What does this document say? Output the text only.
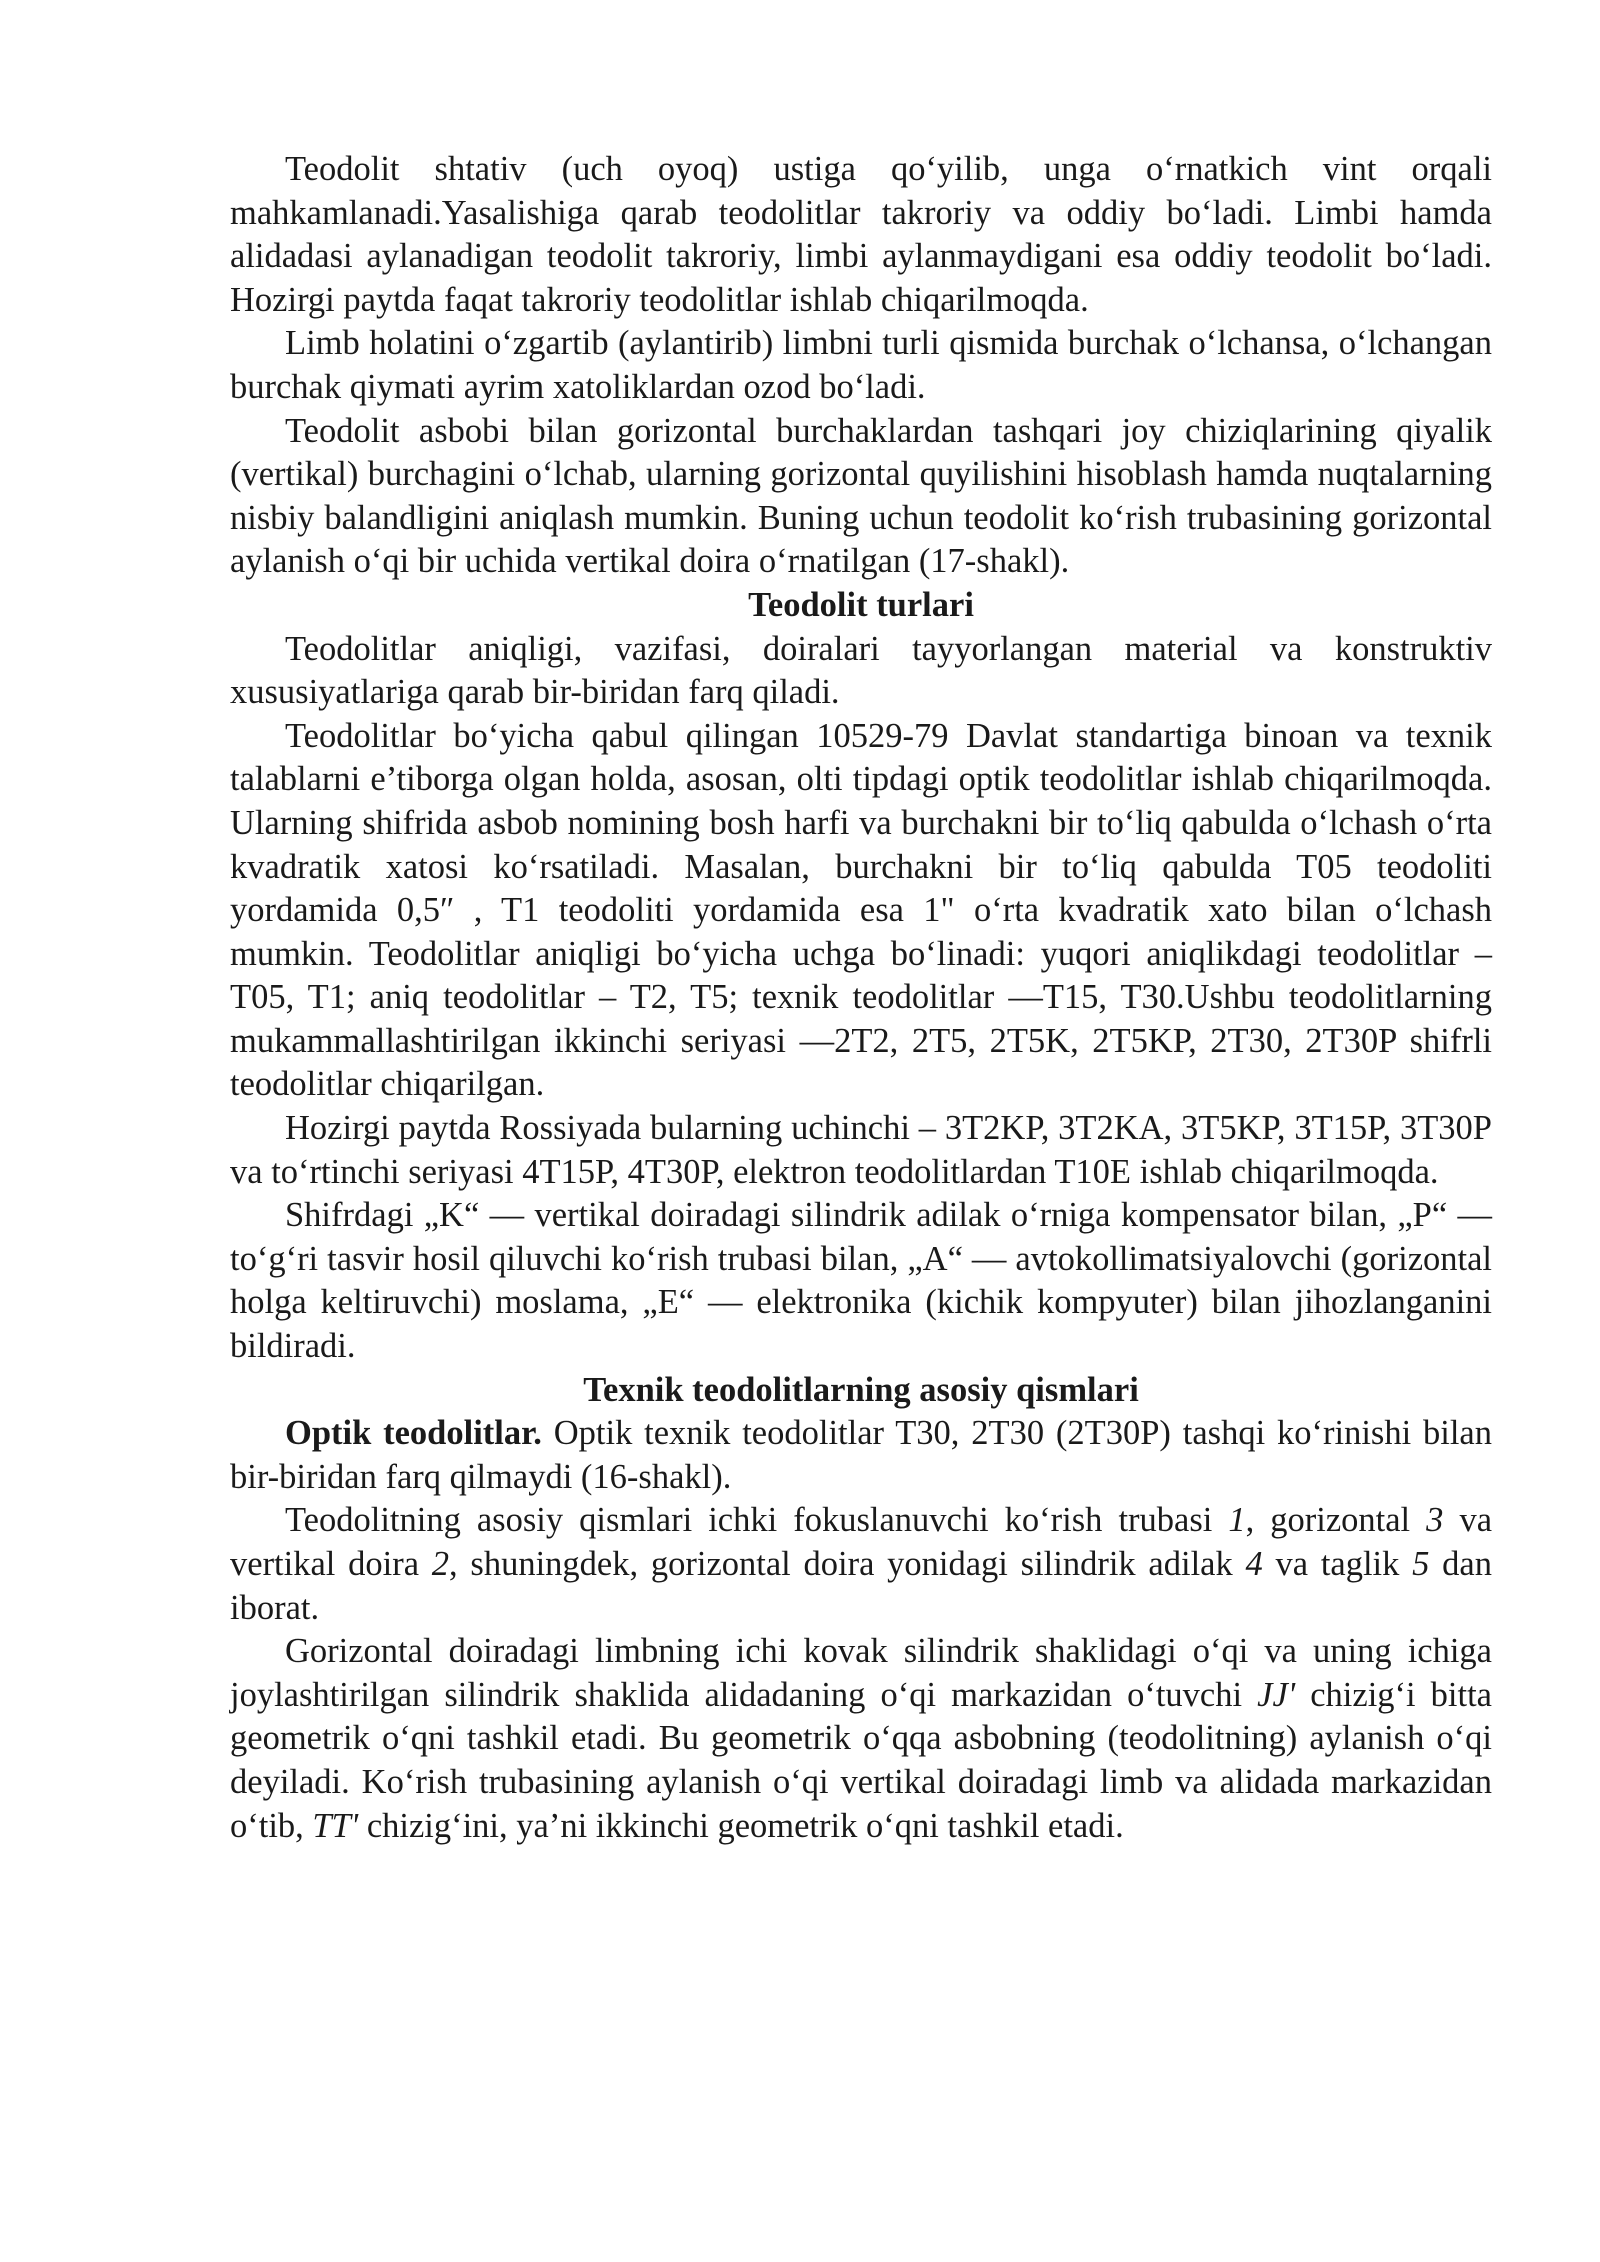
Teodolit shtativ (uch oyoq) ustiga qo‘yilib, unga o‘rnatkich vint orqali mahkamlanadi.Yasalishiga qarab teodolitlar takroriy va oddiy bo‘ladi. Limbi hamda alidadasi aylanadigan teodolit takroriy, limbi aylanmaydigani esa oddiy teodolit bo‘ladi. Hozirgi paytda faqat takroriy teodolitlar ishlab chiqarilmoqda.

Limb holatini o‘zgartib (aylantirib) limbni turli qismida burchak o‘lchansa, o‘lchangan burchak qiymati ayrim xatoliklardan ozod bo‘ladi.

Teodolit asbobi bilan gorizontal burchaklardan tashqari joy chiziqlarining qiyalik (vertikal) burchagini o‘lchab, ularning gorizontal quyilishini hisoblash hamda nuqtalarning nisbiy balandligini aniqlash mumkin. Buning uchun teodolit ko‘rish trubasining gorizontal aylanish o‘qi bir uchida vertikal doira o‘rnatilgan (17-shakl).

Teodolit turlari

Teodolitlar aniqligi, vazifasi, doiralari tayyorlangan material va konstruktiv xususiyatlariga qarab bir-biridan farq qiladi.

Teodolitlar bo‘yicha qabul qilingan 10529-79 Davlat standartiga binoan va texnik talablarni e’tiborga olgan holda, asosan, olti tipdagi optik teodolitlar ishlab chiqarilmoqda. Ularning shifrida asbob nomining bosh harfi va burchakni bir to‘liq qabulda o‘lchash o‘rta kvadratik xatosi ko‘rsatiladi. Masalan, burchakni bir to‘liq qabulda T05 teodoliti yordamida 0,5″ , T1 teodoliti yordamida esa 1" o‘rta kvadratik xato bilan o‘lchash mumkin. Teodolitlar aniqligi bo‘yicha uchga bo‘linadi: yuqori aniqlikdagi teodolitlar – T05, T1; aniq teodolitlar – T2, T5; texnik teodolitlar —T15, T30.Ushbu teodolitlarning mukammallashtirilgan ikkinchi seriyasi —2T2, 2T5, 2T5K, 2T5KP, 2T30, 2T30P shifrli teodolitlar chiqarilgan.

Hozirgi paytda Rossiyada bularning uchinchi – 3T2KP, 3T2KA, 3T5KP, 3T15P, 3T30P va to‘rtinchi seriyasi 4T15P, 4T30P, elektron teodolitlardan T10E ishlab chiqarilmoqda.

Shifrdagi „K“ — vertikal doiradagi silindrik adilak o‘rniga kompensator bilan, „P“ — to‘g‘ri tasvir hosil qiluvchi ko‘rish trubasi bilan, „A“ — avtokollimatsiyalovchi (gorizontal holga keltiruvchi) moslama, „E“ — elektronika (kichik kompyuter) bilan jihozlanganini bildiradi.

Texnik teodolitlarning asosiy qismlari

Optik teodolitlar. Optik texnik teodolitlar T30, 2T30 (2T30P) tashqi ko‘rinishi bilan bir-biridan farq qilmaydi (16-shakl).

Teodolitning asosiy qismlari ichki fokuslanuvchi ko‘rish trubasi 1, gorizontal 3 va vertikal doira 2, shuningdek, gorizontal doira yonidagi silindrik adilak 4 va taglik 5 dan iborat.

Gorizontal doiradagi limbning ichi kovak silindrik shaklidagi o‘qi va uning ichiga joylashtirilgan silindrik shaklida alidadaning o‘qi markazidan o‘tuvchi JJ' chizig‘i bitta geometrik o‘qni tashkil etadi. Bu geometrik o‘qqa asbobning (teodolitning) aylanish o‘qi deyiladi. Ko‘rish trubasining aylanish o‘qi vertikal doiradagi limb va alidada markazidan o‘tib, TT' chizig‘ini, ya’ni ikkinchi geometrik o‘qni tashkil etadi.
